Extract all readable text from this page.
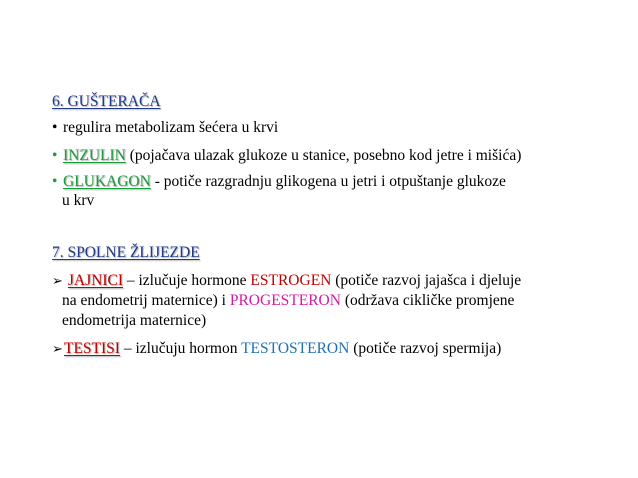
6. GUŠTERAČA
• regulira metabolizam šećera u krvi
• INZULIN (pojačava ulazak glukoze u stanice, posebno kod jetre i mišića)
• GLUKAGON - potiče razgradnju glikogena u jetri i otpuštanje glukoze
u krv
7. SPOLNE ŽLIJEZDE
➢ JAJNICI – izlučuje hormone ESTROGEN (potiče razvoj jajašca i djeluje
na endometrij maternice) i PROGESTERON (održava cikličke promjene
endometrija maternice)
➢TESTISI – izlučuju hormon TESTOSTERON (potiče razvoj spermija)
